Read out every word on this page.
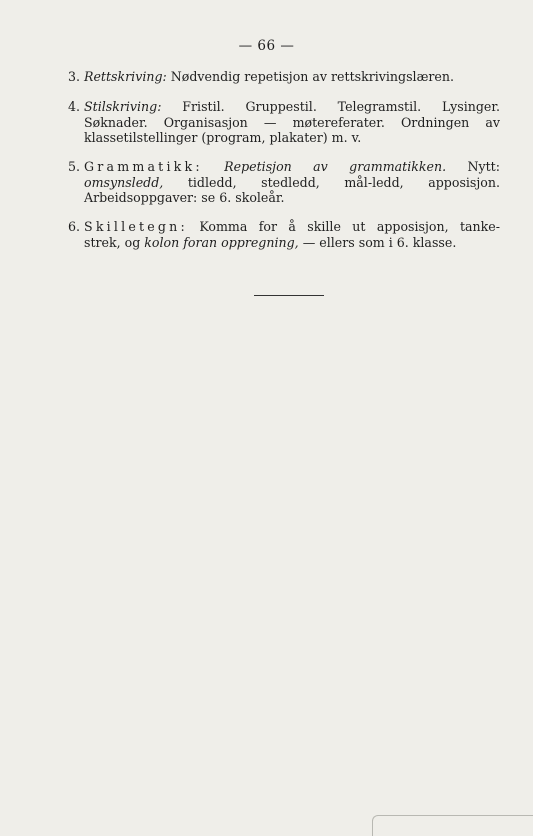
— 66 —
3. Rettskriving: Nødvendig repetisjon av rettskrivingslæren.
4. Stilskriving: Fristil. Gruppestil. Telegramstil. Lysinger.
Søknader. Organisasjon — møtereferater. Ordningen av
klassetilstellinger (program, plakater) m. v.
5. Grammatikk: Repetisjon av grammatikken. Nytt:
omsynsledd, tidledd, stedledd, mål-ledd, apposisjon.
Arbeidsoppgaver: se 6. skoleår.
6. Skilletegn: Komma for å skille ut apposisjon, tanke-
strek, og kolon foran oppregning, — ellers som i 6. klasse.
